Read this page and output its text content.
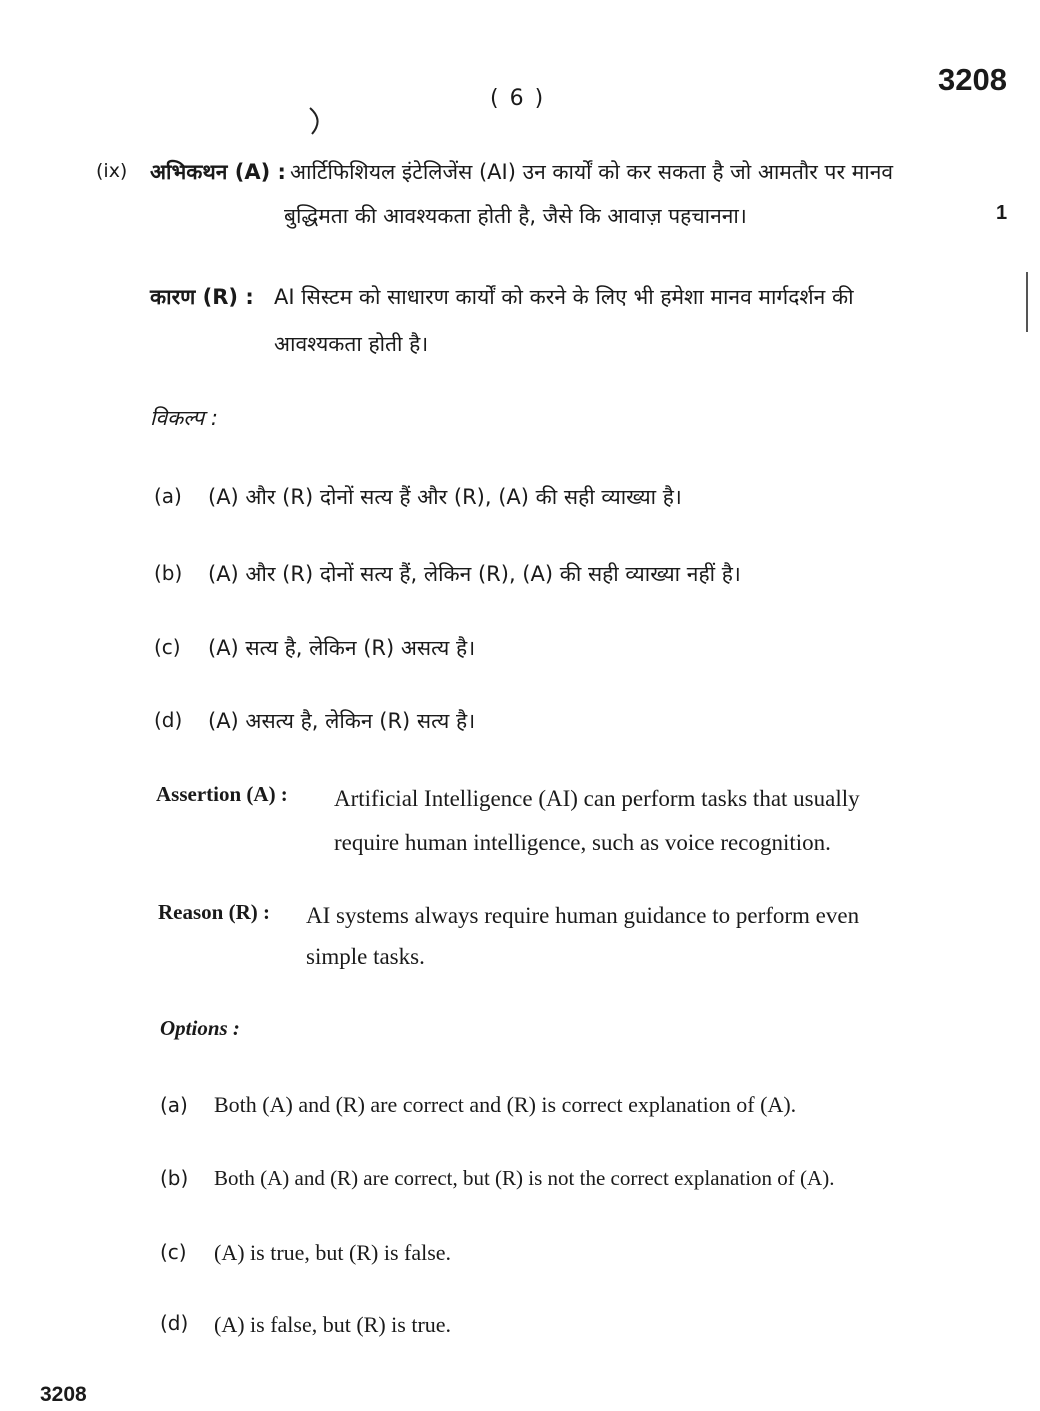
( 6 )
3208
(ix) अभिकथन (A) : आर्टिफिशियल इंटेलिजेंस (AI) उन कार्यों को कर सकता है जो आमतौर पर मानव
बुद्धिमता की आवश्यकता होती है, जैसे कि आवाज़ पहचानना।	1
कारण (R) : AI सिस्टम को साधारण कार्यों को करने के लिए भी हमेशा मानव मार्गदर्शन की
आवश्यकता होती है।
विकल्प :
(a) (A) और (R) दोनों सत्य हैं और (R), (A) की सही व्याख्या है।
(b) (A) और (R) दोनों सत्य हैं, लेकिन (R), (A) की सही व्याख्या नहीं है।
(c) (A) सत्य है, लेकिन (R) असत्य है।
(d) (A) असत्य है, लेकिन (R) सत्य है।
Assertion (A) : Artificial Intelligence (AI) can perform tasks that usually
require human intelligence, such as voice recognition.
Reason (R) : AI systems always require human guidance to perform even
simple tasks.
Options :
(a) Both (A) and (R) are correct and (R) is correct explanation of (A).
(b) Both (A) and (R) are correct, but (R) is not the correct explanation of (A).
(c) (A) is true, but (R) is false.
(d) (A) is false, but (R) is true.
3208
